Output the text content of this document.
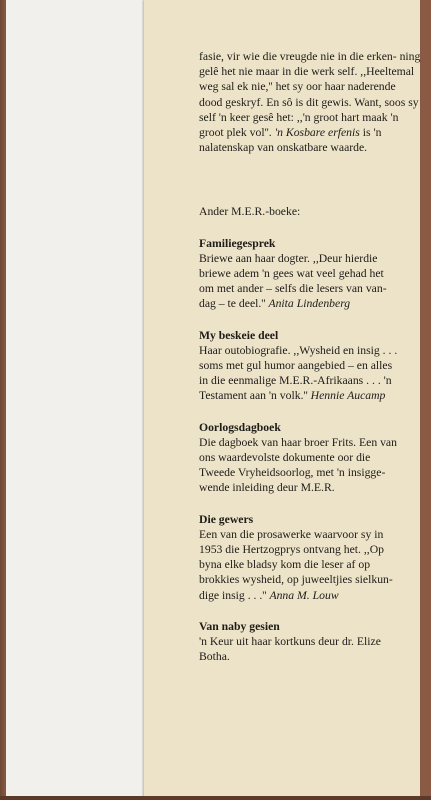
fasie, vir wie die vreugde nie in die erken- ning gelê het nie maar in die werk self. ,,Heeltemal weg sal ek nie,'' het sy oor haar naderende dood geskryf. En sô is dit gewis. Want, soos sy self 'n keer gesê het: ,,'n groot hart maak 'n groot plek vol''. 'n Kosbare erfenis is 'n nalatenskap van onskatbare waarde.

Ander M.E.R.-boeke:

Familiegesprek
Briewe aan haar dogter. ,,Deur hierdie
briewe adem 'n gees wat veel gehad het
om met ander – selfs die lesers van van-
dag – te deel.'' Anita Lindenberg
My beskeie deel
Haar outobiografie. ,,Wysheid en insig . . .
soms met gul humor aangebied – en alles
in die eenmalige M.E.R.-Afrikaans . . . 'n
Testament aan 'n volk.'' Hennie Aucamp
Oorlogsdagboek
Die dagboek van haar broer Frits. Een van
ons waardevolste dokumente oor die
Tweede Vryheidsoorlog, met 'n insigge-
wende inleiding deur M.E.R.
Die gewers
Een van die prosawerke waarvoor sy in
1953 die Hertzogprys ontvang het. ,,Op
byna elke bladsy kom die leser af op
brokkies wysheid, op juweeltjies sielkun-
dige insig . . .'' Anna M. Louw
Van naby gesien
'n Keur uit haar kortkuns deur dr. Elize
Botha.
